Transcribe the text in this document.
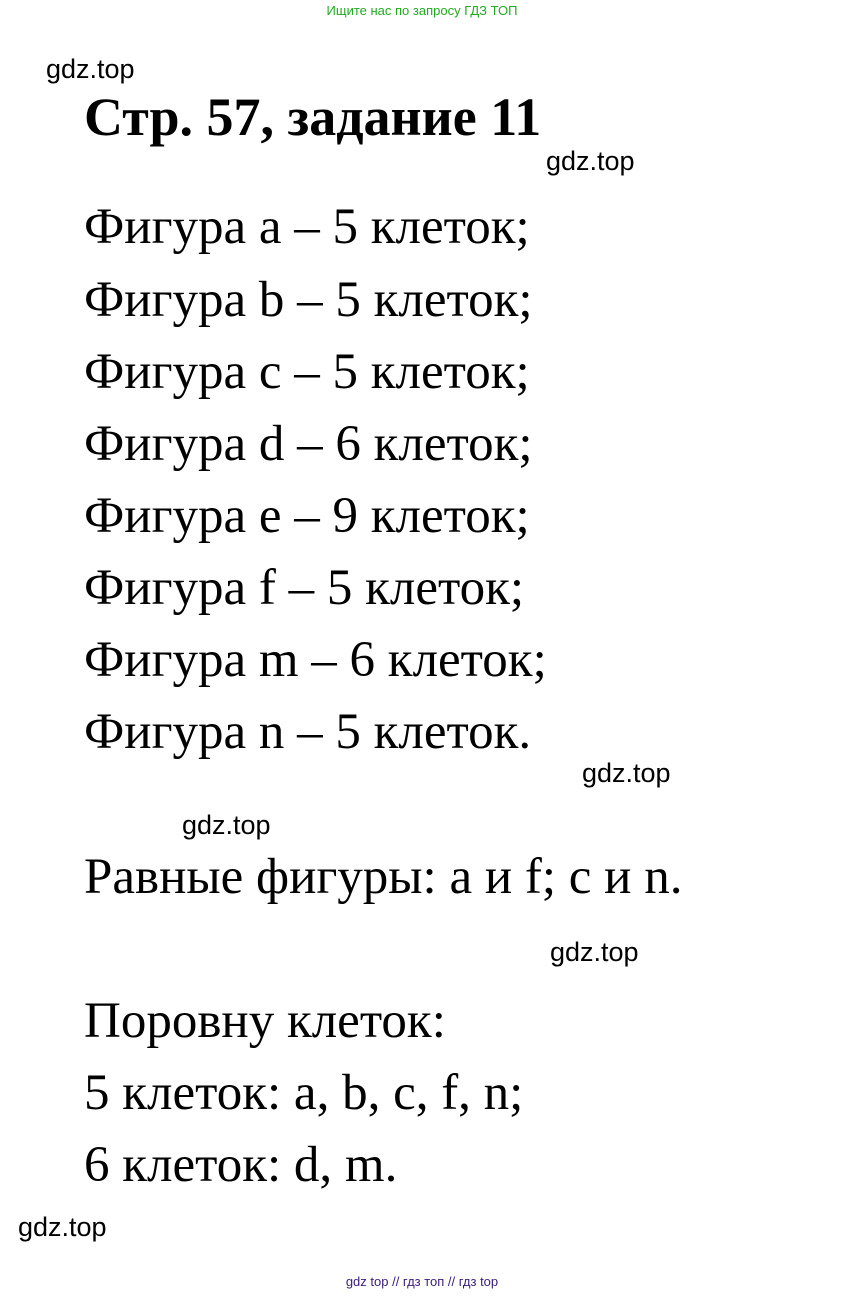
Ищите нас по запросу ГДЗ ТОП
gdz.top
Стр. 57, задание 11
gdz.top
Фигура a – 5 клеток;
Фигура b – 5 клеток;
Фигура c – 5 клеток;
Фигура d – 6 клеток;
Фигура e – 9 клеток;
Фигура f – 5 клеток;
Фигура m – 6 клеток;
Фигура n – 5 клеток.
gdz.top
gdz.top
Равные фигуры: a и f; c и n.
gdz.top
Поровну клеток:
5 клеток: a, b, c, f, n;
6 клеток: d, m.
gdz.top
gdz top // гдз топ // гдз top
